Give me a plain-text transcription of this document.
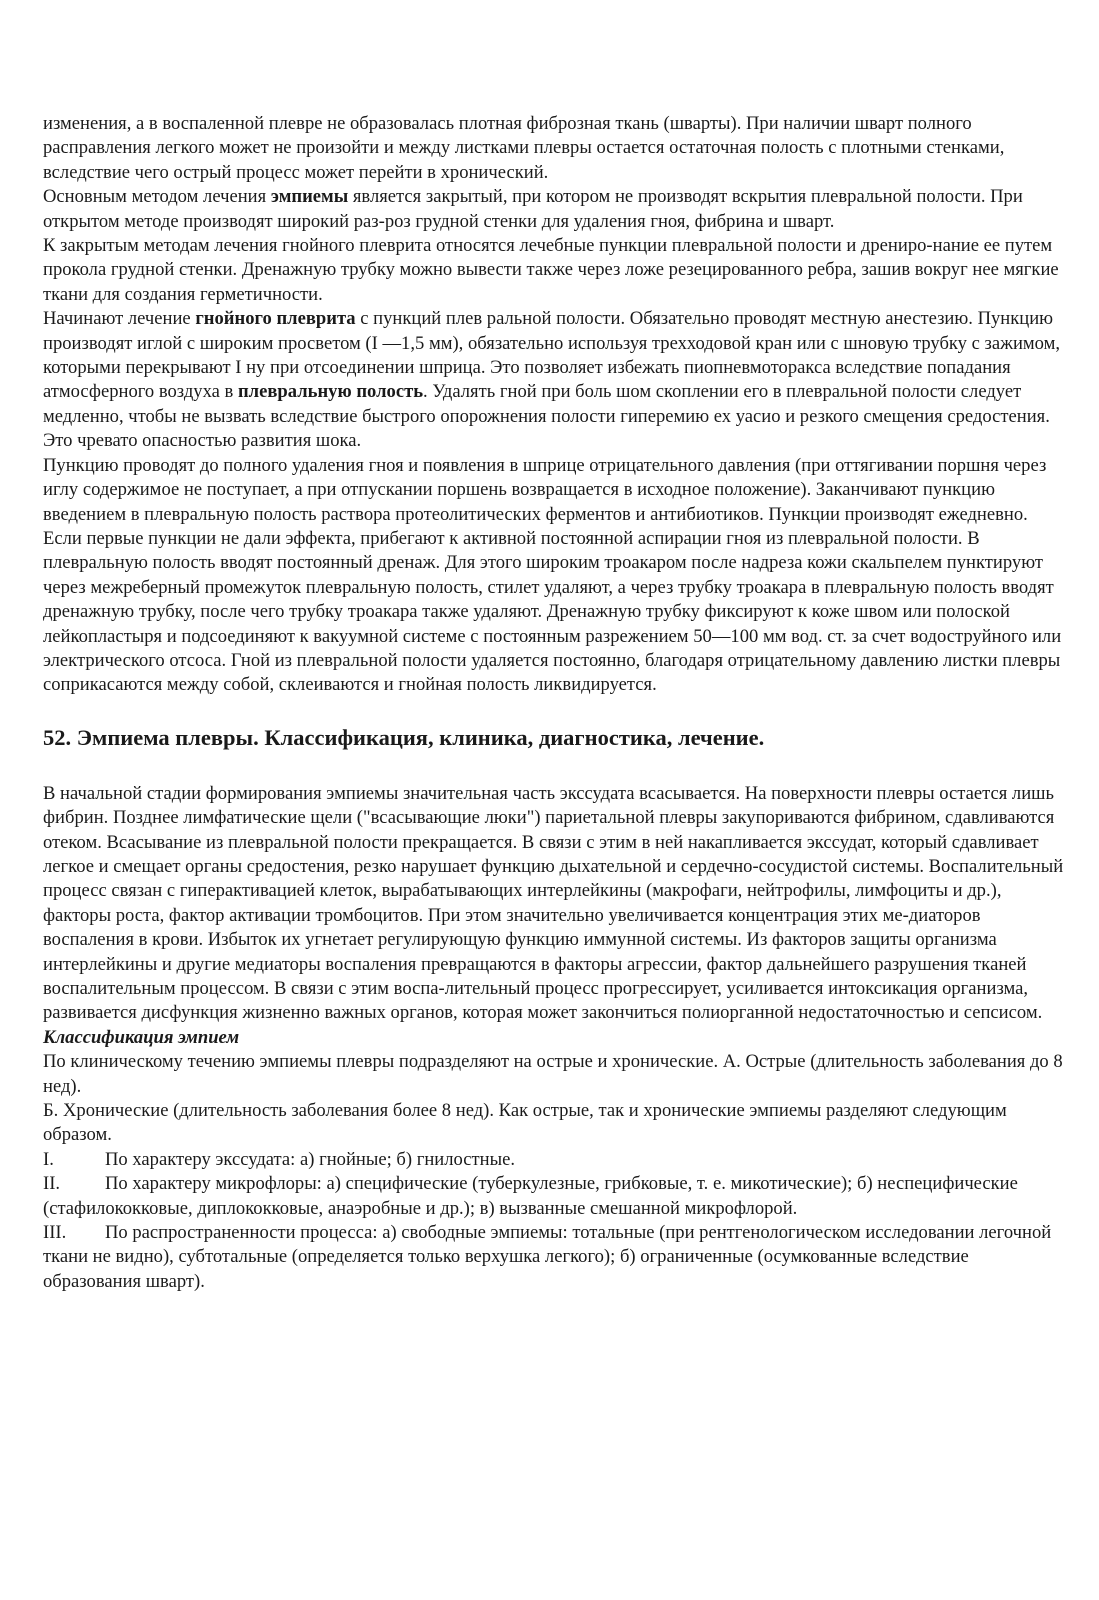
изменения, а в воспаленной плевре не образовалась плотная фиброзная ткань (шварты). При наличии шварт полного расправления легкого может не произойти и между листками плевры остается остаточная полость с плотными стенками, вследствие чего острый процесс может перейти в хронический.

Основным методом лечения эмпиемы является закрытый, при котором не производят вскрытия плевральной полости. При открытом методе производят широкий раз-роз грудной стенки для удаления гноя, фибрина и шварт.

К закрытым методам лечения гнойного плеврита относятся лечебные пункции плевральной полости и дрениро-нание ее путем прокола грудной стенки. Дренажную трубку можно вывести также через ложе резецированного ребра, зашив вокруг нее мягкие ткани для создания герметичности.

Начинают лечение гнойного плеврита с пункций плев ральной полости. Обязательно проводят местную анестезию. Пункцию производят иглой с широким просветом (I —1,5 мм), обязательно используя трехходовой кран или с шновую трубку с зажимом, которыми перекрывают I ну при отсоединении шприца. Это позволяет избежать пиопневмоторакса вследствие попадания атмосферного воздуха в плевральную полость. Удалять гной при боль шом скоплении его в плевральной полости следует медленно, чтобы не вызвать вследствие быстрого опорожнения полости гиперемию ех уасио и резкого смещения средостения. Это чревато опасностью развития шока.

Пункцию проводят до полного удаления гноя и появления в шприце отрицательного давления (при оттягивании поршня через иглу содержимое не поступает, а при отпускании поршень возвращается в исходное положение). Заканчивают пункцию введением в плевральную полость раствора протеолитических ферментов и антибиотиков. Пункции производят ежедневно.

Если первые пункции не дали эффекта, прибегают к активной постоянной аспирации гноя из плевральной полости. В плевральную полость вводят постоянный дренаж. Для этого широким троакаром после надреза кожи скальпелем пунктируют через межреберный промежуток плевральную полость, стилет удаляют, а через трубку троакара в плевральную полость вводят дренажную трубку, после чего трубку троакара также удаляют. Дренажную трубку фиксируют к коже швом или полоской лейкопластыря и подсоединяют к вакуумной системе с постоянным разрежением 50—100 мм вод. ст. за счет водоструйного или электрического отсоса. Гной из плевральной полости удаляется постоянно, благодаря отрицательному давлению листки плевры соприкасаются между собой, склеиваются и гнойная полость ликвидируется.

52. Эмпиема плевры. Классификация, клиника, диагностика, лечение.

В начальной стадии формирования эмпиемы значительная часть экссудата всасывается. На поверхности плевры остается лишь фибрин. Позднее лимфатические щели ("всасывающие люки") париетальной плевры закупориваются фибрином, сдавливаются отеком. Всасывание из плевральной полости прекращается. В связи с этим в ней накапливается экссудат, который сдавливает легкое и смещает органы средостения, резко нарушает функцию дыхательной и сердечно-сосудистой системы. Воспалительный процесс связан с гиперактивацией клеток, вырабатывающих интерлейкины (макрофаги, нейтрофилы, лимфоциты и др.), факторы роста, фактор активации тромбоцитов. При этом значительно увеличивается концентрация этих ме-диаторов воспаления в крови. Избыток их угнетает регулирующую функцию иммунной системы. Из факторов защиты организма интерлейкины и другие медиаторы воспаления превращаются в факторы агрессии, фактор дальнейшего разрушения тканей воспалительным процессом. В связи с этим воспа-лительный процесс прогрессирует, усиливается интоксикация организма, развивается дисфункция жизненно важных органов, которая может закончиться полиорганной недостаточностью и сепсисом.

Классификация эмпием

По клиническому течению эмпиемы плевры подразделяют на острые и хронические. А. Острые (длительность заболевания до 8 нед).

Б. Хронические (длительность заболевания более 8 нед). Как острые, так и хронические эмпиемы разделяют следующим образом.

I.	По характеру экссудата: а) гнойные; б) гнилостные.

II. По характеру микрофлоры: а) специфические (туберкулезные, грибковые, т. е. микотические); б) неспецифические (стафилококковые, диплококковые, анаэробные и др.); в) вызванные смешанной микрофлорой.

III. По распространенности процесса: а) свободные эмпиемы: тотальные (при рентгенологическом исследовании легочной ткани не видно), субтотальные (определяется только верхушка легкого); б) ограниченные (осумкованные вследствие образования шварт).
